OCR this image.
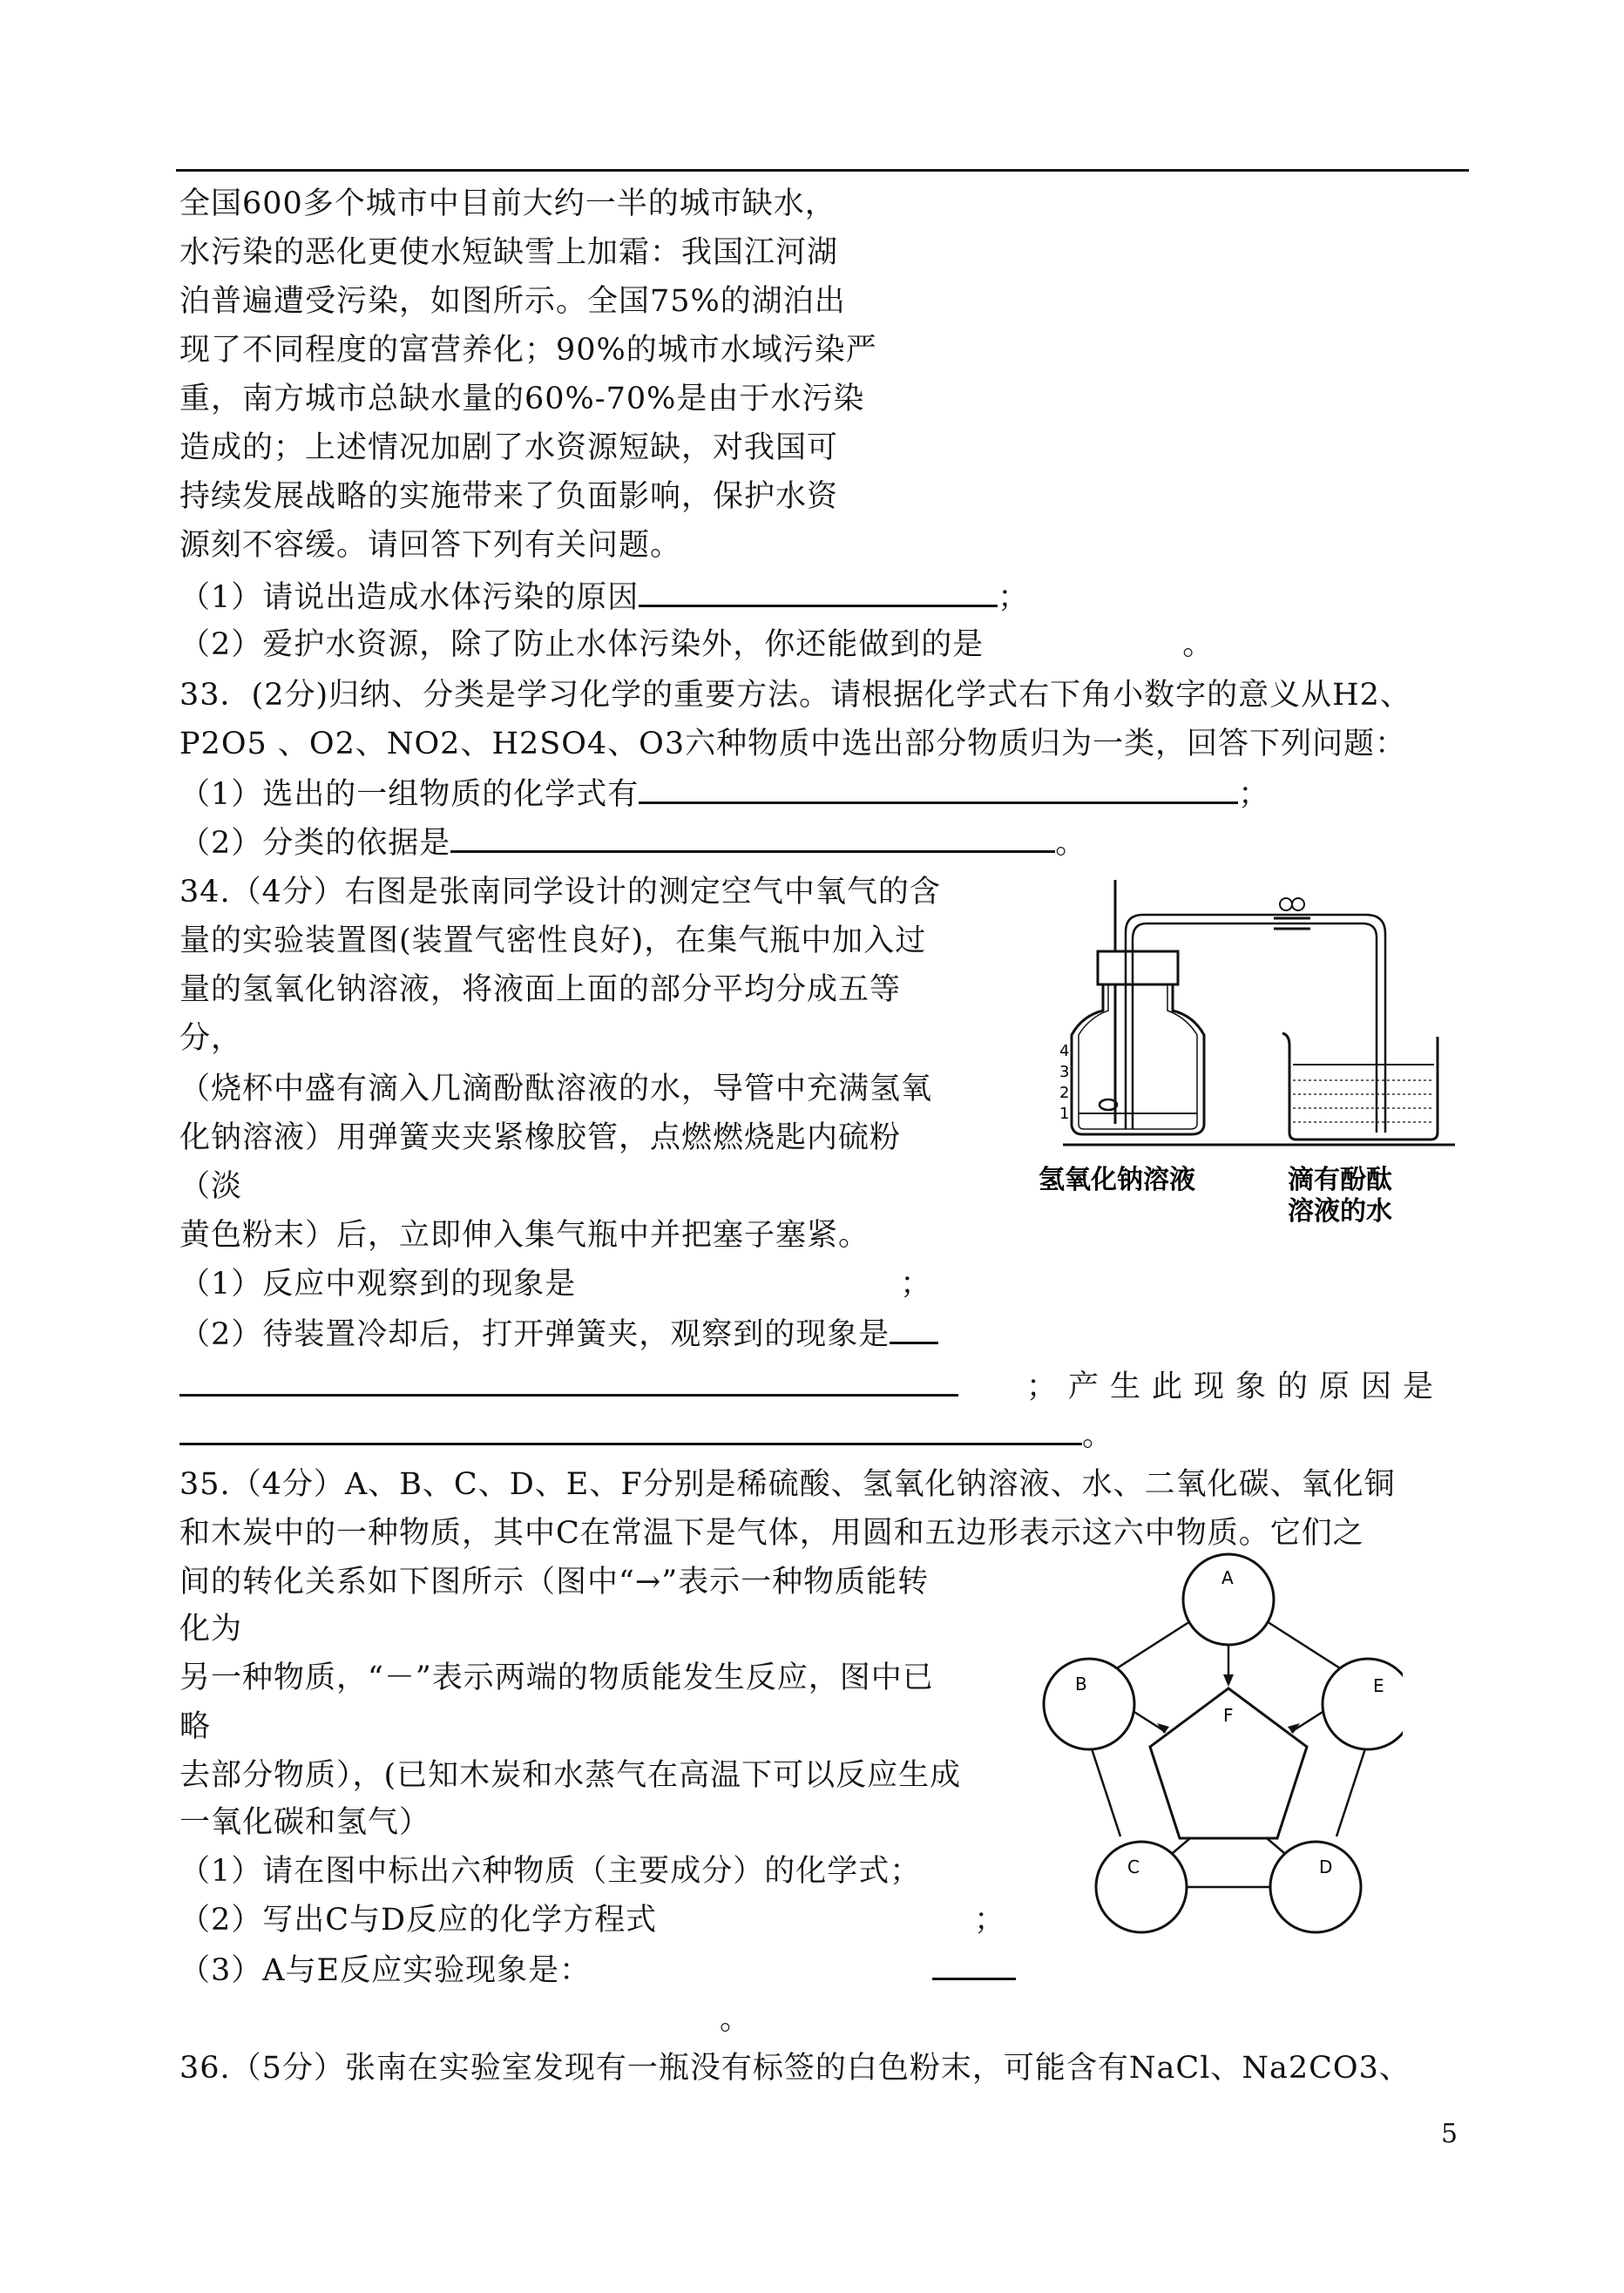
全国600多个城市中目前大约一半的城市缺水，
水污染的恶化更使水短缺雪上加霜：我国江河湖
泊普遍遭受污染，如图所示。全国75%的湖泊出
现了不同程度的富营养化；90%的城市水域污染严
重，南方城市总缺水量的60%-70%是由于水污染
造成的；上述情况加剧了水资源短缺，对我国可
持续发展战略的实施带来了负面影响，保护水资
源刻不容缓。请回答下列有关问题。
（1）请说出造成水体污染的原因	；
（2）爱护水资源，除了防止水体污染外，你还能做到的是	。
33．(2分)归纳、分类是学习化学的重要方法。请根据化学式右下角小数字的意义从H2、
P2O5 、O2、NO2、H2SO4、O3六种物质中选出部分物质归为一类，回答下列问题：
（1）选出的一组物质的化学式有	；
（2）分类的依据是	。
34.（4分）右图是张南同学设计的测定空气中氧气的含
量的实验装置图(装置气密性良好)，在集气瓶中加入过
量的氢氧化钠溶液，将液面上面的部分平均分成五等
分，
（烧杯中盛有滴入几滴酚酞溶液的水，导管中充满氢氧
化钠溶液）用弹簧夹夹紧橡胶管，点燃燃烧匙内硫粉
（淡
黄色粉末）后，立即伸入集气瓶中并把塞子塞紧。
（1）反应中观察到的现象是	；
（2）待装置冷却后，打开弹簧夹，观察到的现象是
；产生此现象的原因是
。
35.（4分）A、B、C、D、E、F分别是稀硫酸、氢氧化钠溶液、水、二氧化碳、氧化铜
和木炭中的一种物质，其中C在常温下是气体，用圆和五边形表示这六中物质。它们之
间的转化关系如下图所示（图中“→”表示一种物质能转
化为
另一种物质，“－”表示两端的物质能发生反应，图中已
略
去部分物质），(已知木炭和水蒸气在高温下可以反应生成
一氧化碳和氢气）
（1）请在图中标出六种物质（主要成分）的化学式；
（2）写出C与D反应的化学方程式	；
（3）A与E反应实验现象是：
。
36.（5分）张南在实验室发现有一瓶没有标签的白色粉末，可能含有NaCl、Na2CO3、
5
4
3
2
1
氢氧化钠溶液	滴有酚酞
溶液的水
A
B
C	D
E
F
